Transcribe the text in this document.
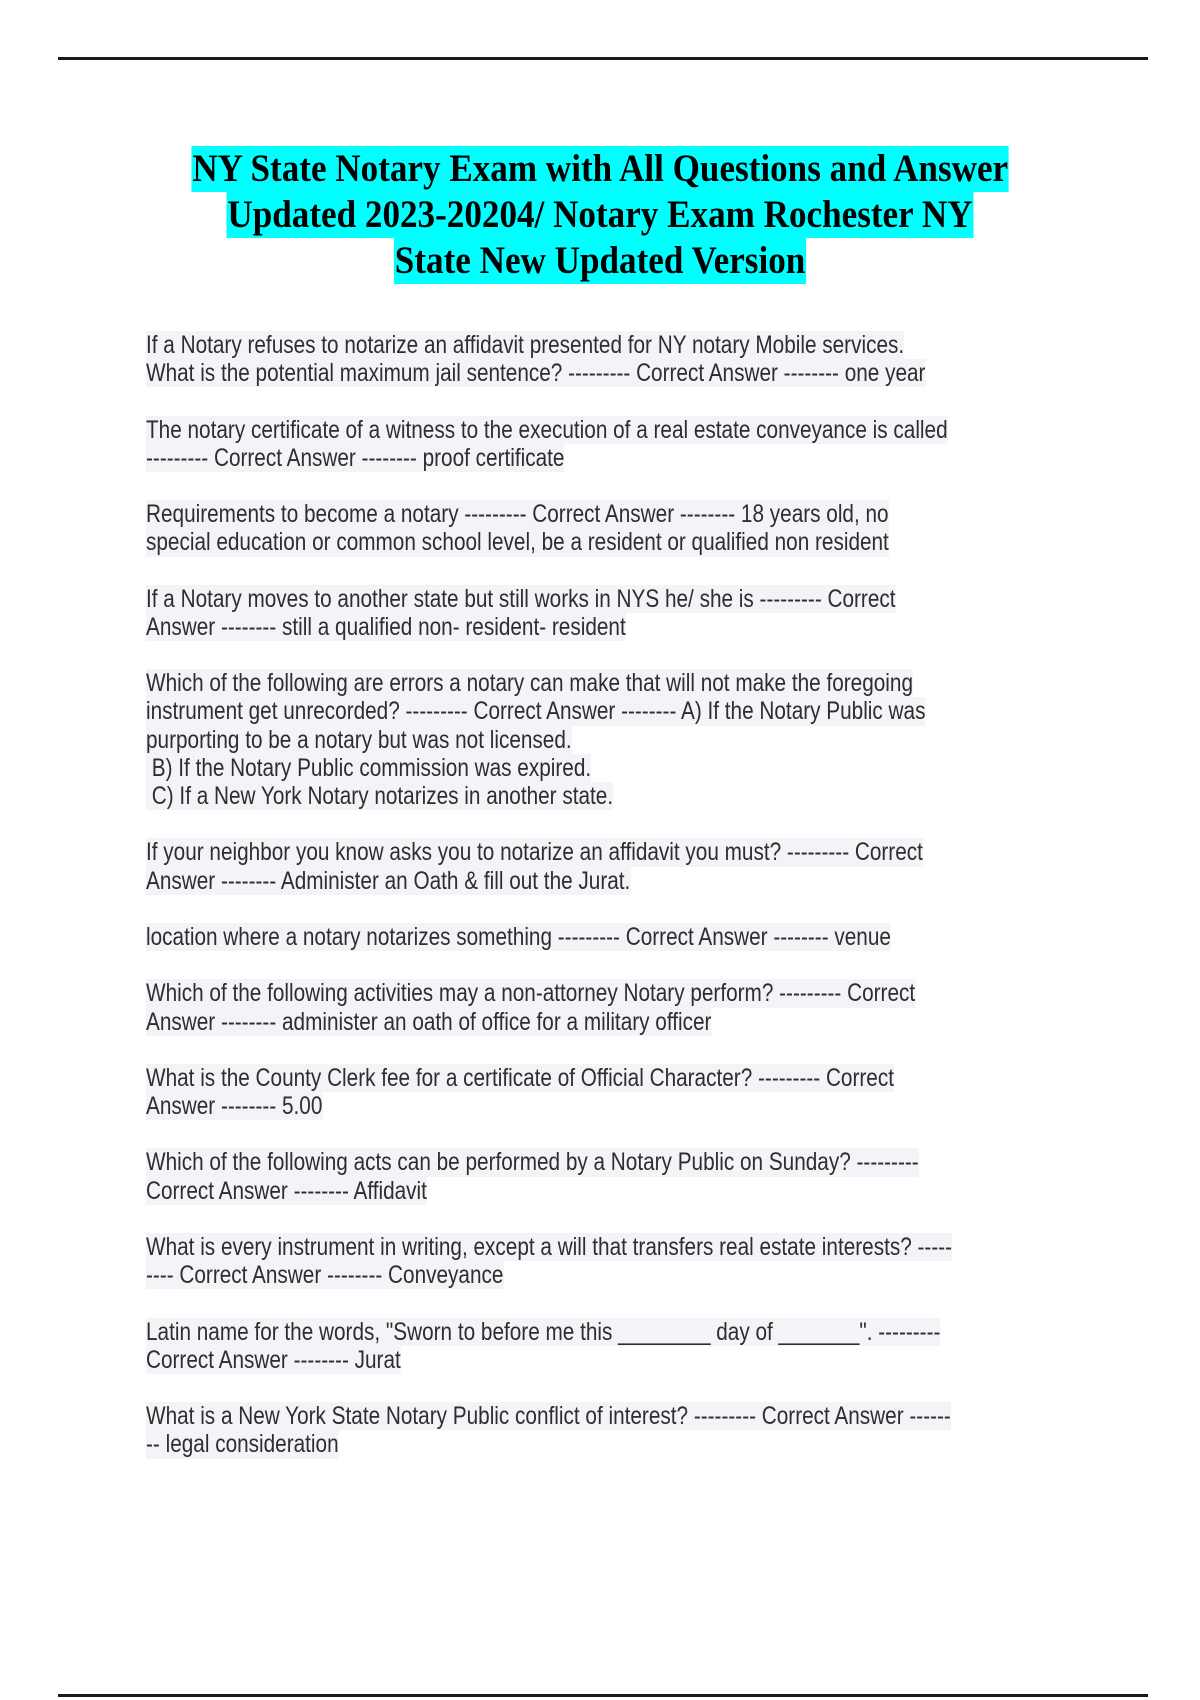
NY State Notary Exam with All Questions and Answer
Updated 2023-20204/ Notary Exam Rochester NY
State New Updated Version
If a Notary refuses to notarize an affidavit presented for NY notary Mobile services.
What is the potential maximum jail sentence? --------- Correct Answer -------- one year
The notary certificate of a witness to the execution of a real estate conveyance is called
--------- Correct Answer -------- proof certificate
Requirements to become a notary --------- Correct Answer -------- 18 years old, no
special education or common school level, be a resident or qualified non resident
If a Notary moves to another state but still works in NYS he/ she is --------- Correct
Answer -------- still a qualified non- resident- resident
Which of the following are errors a notary can make that will not make the foregoing
instrument get unrecorded? --------- Correct Answer -------- A) If the Notary Public was
purporting to be a notary but was not licensed.
B) If the Notary Public commission was expired.
C) If a New York Notary notarizes in another state.
If your neighbor you know asks you to notarize an affidavit you must? --------- Correct
Answer -------- Administer an Oath & fill out the Jurat.
location where a notary notarizes something --------- Correct Answer -------- venue
Which of the following activities may a non-attorney Notary perform? --------- Correct
Answer -------- administer an oath of office for a military officer
What is the County Clerk fee for a certificate of Official Character? --------- Correct
Answer -------- 5.00
Which of the following acts can be performed by a Notary Public on Sunday? ---------
Correct Answer -------- Affidavit
What is every instrument in writing, except a will that transfers real estate interests? -----
---- Correct Answer -------- Conveyance
Latin name for the words, "Sworn to before me this ________ day of _______". ---------
Correct Answer -------- Jurat
What is a New York State Notary Public conflict of interest? --------- Correct Answer ------
-- legal consideration
